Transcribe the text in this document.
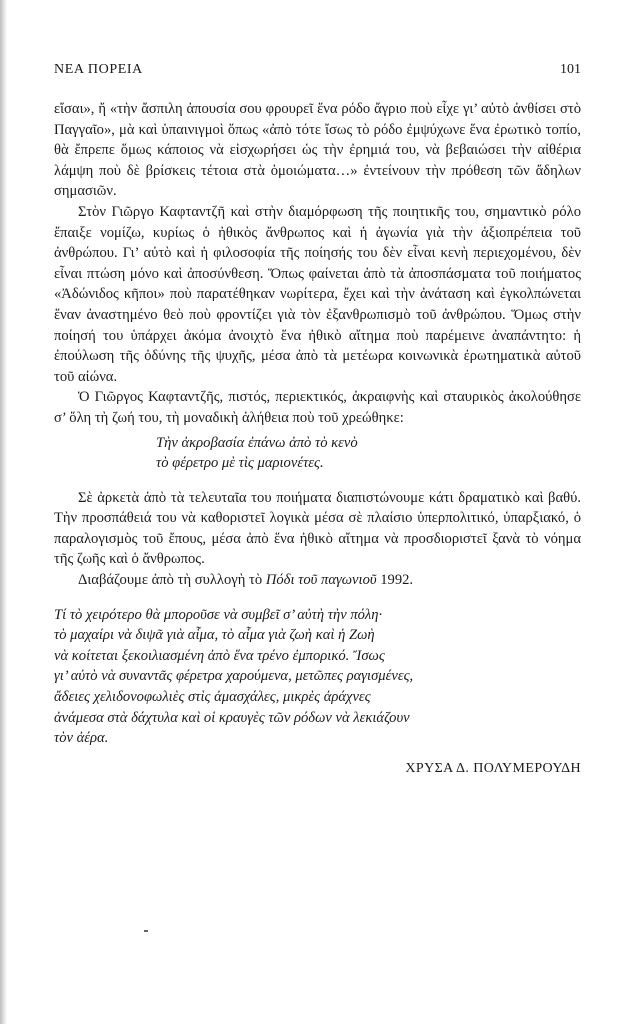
ΝΕΑ ΠΟΡΕΙΑ	101

εἴσαι», ἤ «τὴν ἄσπιλη ἀπουσία σου φρουρεῖ ἕνα ρόδο ἄγριο ποὺ εἶχε γι’ αὐτὸ ἀνθίσει στὸ Παγγαῖο», μὰ καὶ ὑπαινιγμοὶ ὅπως «ἀπὸ τότε ἴσως τὸ ρόδο ἐμψύχωνε ἕνα ἐρωτικὸ τοπίο, θὰ ἔπρεπε ὅμως κάποιος νὰ εἰσχωρήσει ὡς τὴν ἐρημιά του, νὰ βεβαιώσει τὴν αἰθέρια λάμψη ποὺ δὲ βρίσκεις τέτοια στὰ ὁμοιώματα…» ἐντείνουν τὴν πρόθεση τῶν ἄδηλων σημασιῶν.

Στὸν Γιῶργο Καφταντζῆ καὶ στὴν διαμόρφωση τῆς ποιητικῆς του, σημαντικὸ ρόλο ἔπαιξε νομίζω, κυρίως ὁ ἠθικὸς ἄνθρωπος καὶ ἡ ἀγωνία γιὰ τὴν ἀξιοπρέπεια τοῦ ἀνθρώπου. Γι’ αὐτὸ καὶ ἡ φιλοσοφία τῆς ποίησής του δὲν εἶναι κενὴ περιεχομένου, δὲν εἶναι πτώση μόνο καὶ ἀποσύνθεση. Ὅπως φαίνεται ἀπὸ τὰ ἀποσπάσματα τοῦ ποιήματος «Ἀδώνιδος κῆποι» ποὺ παρατέθηκαν νωρίτερα, ἔχει καὶ τὴν ἀνάταση καὶ ἐγκολπώνεται ἕναν ἀναστημένο θεὸ ποὺ φροντίζει γιὰ τὸν ἐξανθρωπισμὸ τοῦ ἀνθρώπου. Ὅμως στὴν ποίησή του ὑπάρχει ἀκόμα ἀνοιχτὸ ἕνα ἠθικὸ αἴτημα ποὺ παρέμεινε ἀναπάντητο: ἡ ἐπούλωση τῆς ὀδύνης τῆς ψυχῆς, μέσα ἀπὸ τὰ μετέωρα κοινωνικὰ ἐρωτηματικὰ αὐτοῦ τοῦ αἰώνα.

Ὁ Γιῶργος Καφταντζῆς, πιστός, περιεκτικός, ἀκραιφνὴς καὶ σταυρικὸς ἀκολούθησε σ’ ὅλη τὴ ζωή του, τὴ μοναδικὴ ἀλήθεια ποὺ τοῦ χρεώθηκε:

Τὴν ἀκροβασία ἐπάνω ἀπὸ τὸ κενὸ
τὸ φέρετρο μὲ τὶς μαριονέτες.

Σὲ ἀρκετὰ ἀπὸ τὰ τελευταῖα του ποιήματα διαπιστώνουμε κάτι δραματικὸ καὶ βαθύ. Τὴν προσπάθειά του νὰ καθοριστεῖ λογικὰ μέσα σὲ πλαίσιο ὑπερπολιτικό, ὑπαρξιακό, ὁ παραλογισμὸς τοῦ ἔπους, μέσα ἀπὸ ἕνα ἠθικὸ αἴτημα νὰ προσδιοριστεῖ ξανὰ τὸ νόημα τῆς ζωῆς καὶ ὁ ἄνθρωπος.

Διαβάζουμε ἀπὸ τὴ συλλογὴ τὸ Πόδι τοῦ παγωνιοῦ 1992.

Τί τὸ χειρότερο θὰ μποροῦσε νὰ συμβεῖ σ’ αὐτὴ τὴν πόλη·
τὸ μαχαίρι νὰ διψᾶ γιὰ αἷμα, τὸ αἷμα γιὰ ζωὴ καὶ ἡ Ζωὴ
νὰ κοίτεται ξεκοιλιασμένη ἀπὸ ἕνα τρένο ἐμπορικό. Ἴσως
γι’ αὐτὸ νὰ συναντᾶς φέρετρα χαρούμενα, μετῶπες ραγισμένες,
ἄδειες χελιδονοφωλιὲς στὶς ἀμασχάλες, μικρὲς ἀράχνες
ἀνάμεσα στὰ δάχτυλα καὶ οἱ κραυγὲς τῶν ρόδων νὰ λεκιάζουν
τὸν ἀέρα.
ΧΡΥΣΑ Δ. ΠΟΛΥΜΕΡΟΥΔΗ
